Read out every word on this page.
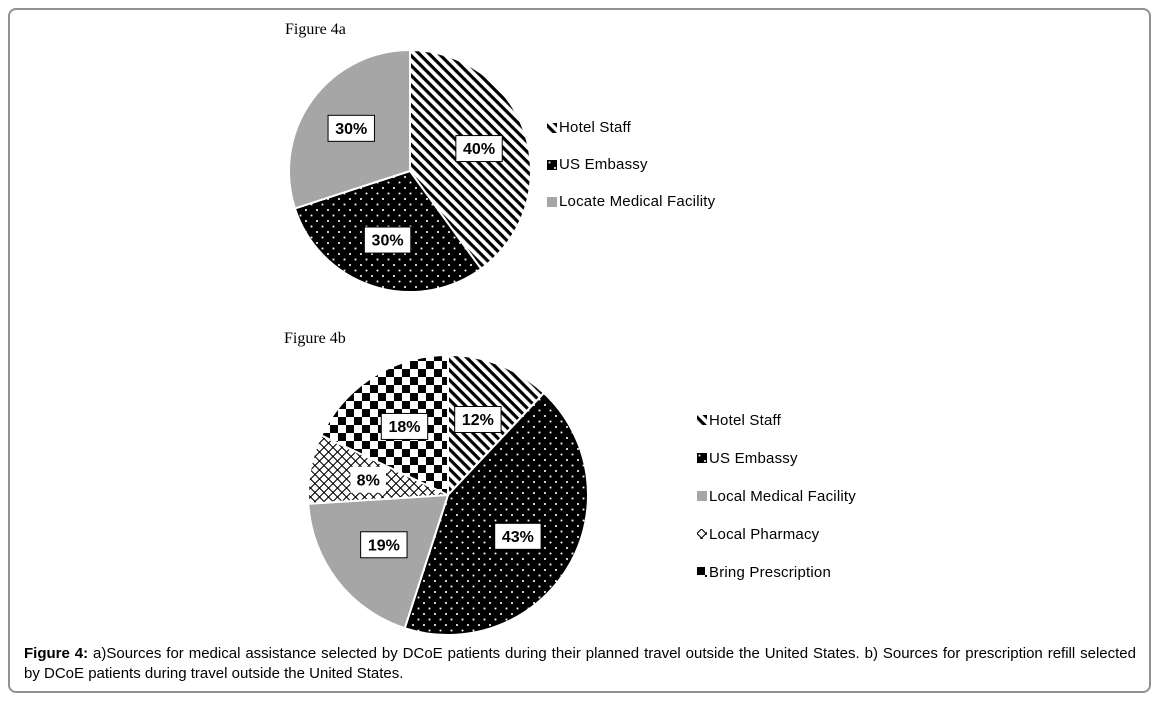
Figure 4a
40%
30%
30%	Hotel Staff
US Embassy
Locate Medical Facility
Figure 4b
12%
43%
19%
8%
18%	Hotel Staff
US Embassy
Local Medical Facility
Local Pharmacy
Bring Prescription
Figure 4: a)Sources for medical assistance selected by DCoE patients during their planned travel outside the United States. b) Sources for prescription refill selected by DCoE patients during travel outside the United States.
